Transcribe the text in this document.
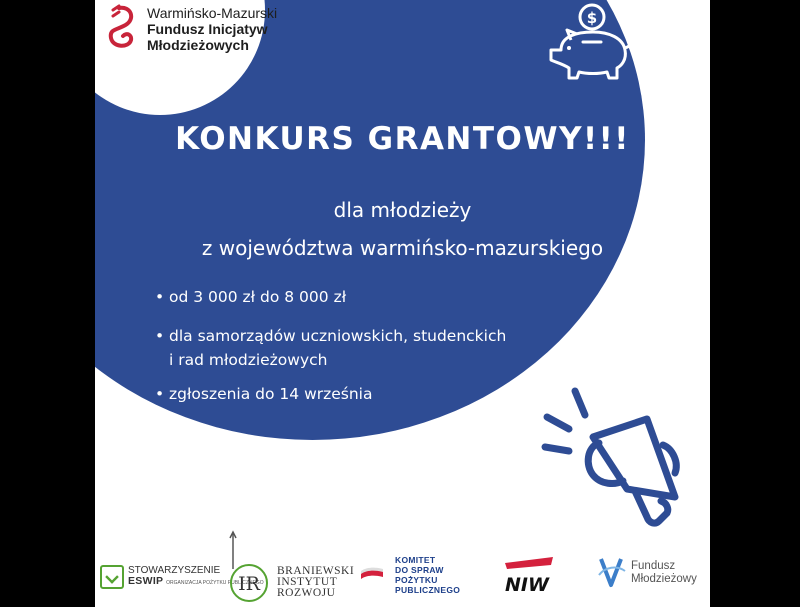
Warmińsko-Mazurski
Fundusz Inicjatyw
Młodzieżowych
$
KONKURS GRANTOWY!!!
dla młodzieży
z województwa warmińsko-mazurskiego

• od 3 000 zł do 8 000 zł

• dla samorządów uczniowskich, studenckich

i rad młodzieżowych

• zgłoszenia do 14 września

STOWARZYSZENIE
ESWIP ORGANIZACJA POŻYTKU PUBLICZNEGO
IR
BRANIEWSKI
INSTYTUT
ROZWOJU
KOMITET
DO SPRAW
POŻYTKU
PUBLICZNEGO NIW
Fundusz
Młodzieżowy
